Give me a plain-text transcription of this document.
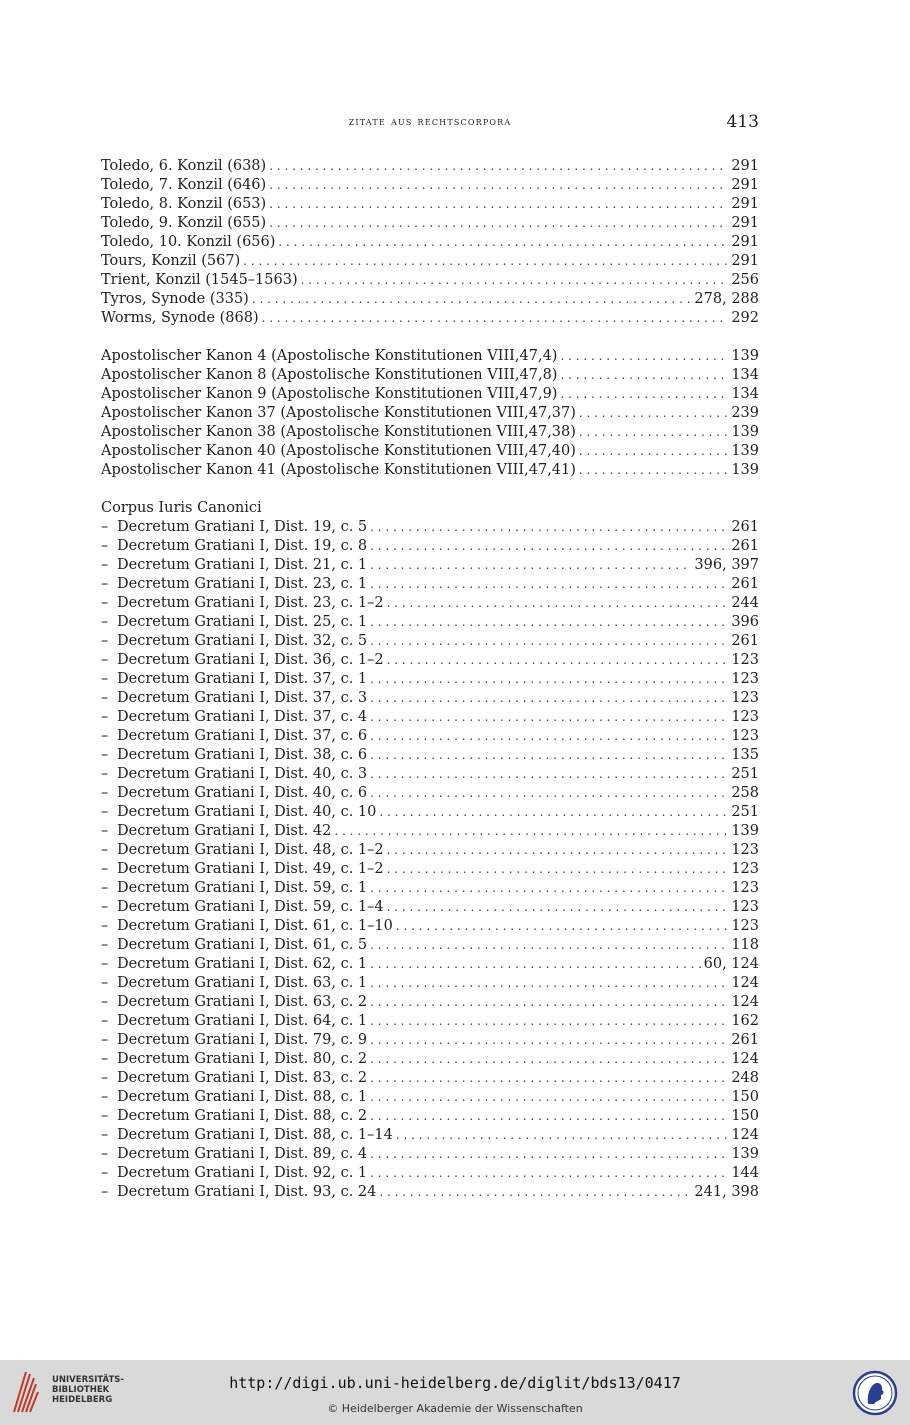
zitate aus rechtscorpora	413
Toledo, 6. Konzil (638) . . .	291
Toledo, 7. Konzil (646) . . .	291
Toledo, 8. Konzil (653) . . .	291
Toledo, 9. Konzil (655) . . .	291
Toledo, 10. Konzil (656) . . .	291
Tours, Konzil (567) . . .	291
Trient, Konzil (1545–1563) . . .	256
Tyros, Synode (335) . . .	278, 288
Worms, Synode (868) . . .	292
Apostolischer Kanon 4 (Apostolische Konstitutionen VIII,47,4) . . .	139
Apostolischer Kanon 8 (Apostolische Konstitutionen VIII,47,8) . . .	134
Apostolischer Kanon 9 (Apostolische Konstitutionen VIII,47,9) . . .	134
Apostolischer Kanon 37 (Apostolische Konstitutionen VIII,47,37) . . .	239
Apostolischer Kanon 38 (Apostolische Konstitutionen VIII,47,38) . . .	139
Apostolischer Kanon 40 (Apostolische Konstitutionen VIII,47,40) . . .	139
Apostolischer Kanon 41 (Apostolische Konstitutionen VIII,47,41) . . .	139
Corpus Iuris Canonici
– Decretum Gratiani I, Dist. 19, c. 5 . . .	261
– Decretum Gratiani I, Dist. 19, c. 8 . . .	261
– Decretum Gratiani I, Dist. 21, c. 1 . . .	396, 397
– Decretum Gratiani I, Dist. 23, c. 1 . . .	261
– Decretum Gratiani I, Dist. 23, c. 1–2 . . .	244
– Decretum Gratiani I, Dist. 25, c. 1 . . .	396
– Decretum Gratiani I, Dist. 32, c. 5 . . .	261
– Decretum Gratiani I, Dist. 36, c. 1–2 . . .	123
– Decretum Gratiani I, Dist. 37, c. 1 . . .	123
– Decretum Gratiani I, Dist. 37, c. 3 . . .	123
– Decretum Gratiani I, Dist. 37, c. 4 . . .	123
– Decretum Gratiani I, Dist. 37, c. 6 . . .	123
– Decretum Gratiani I, Dist. 38, c. 6 . . .	135
– Decretum Gratiani I, Dist. 40, c. 3 . . .	251
– Decretum Gratiani I, Dist. 40, c. 6 . . .	258
– Decretum Gratiani I, Dist. 40, c. 10 . . .	251
– Decretum Gratiani I, Dist. 42 . . .	139
– Decretum Gratiani I, Dist. 48, c. 1–2 . . .	123
– Decretum Gratiani I, Dist. 49, c. 1–2 . . .	123
– Decretum Gratiani I, Dist. 59, c. 1 . . .	123
– Decretum Gratiani I, Dist. 59, c. 1–4 . . .	123
– Decretum Gratiani I, Dist. 61, c. 1–10 . . .	123
– Decretum Gratiani I, Dist. 61, c. 5 . . .	118
– Decretum Gratiani I, Dist. 62, c. 1 . . .	60, 124
– Decretum Gratiani I, Dist. 63, c. 1 . . .	124
– Decretum Gratiani I, Dist. 63, c. 2 . . .	124
– Decretum Gratiani I, Dist. 64, c. 1 . . .	162
– Decretum Gratiani I, Dist. 79, c. 9 . . .	261
– Decretum Gratiani I, Dist. 80, c. 2 . . .	124
– Decretum Gratiani I, Dist. 83, c. 2 . . .	248
– Decretum Gratiani I, Dist. 88, c. 1 . . .	150
– Decretum Gratiani I, Dist. 88, c. 2 . . .	150
– Decretum Gratiani I, Dist. 88, c. 1–14 . . .	124
– Decretum Gratiani I, Dist. 89, c. 4 . . .	139
– Decretum Gratiani I, Dist. 92, c. 1 . . .	144
– Decretum Gratiani I, Dist. 93, c. 24 . . .	241, 398
UNIVERSITÄTS-
BIBLIOTHEK
HEIDELBERG
http://digi.ub.uni-heidelberg.de/diglit/bds13/0417
© Heidelberger Akademie der Wissenschaften
